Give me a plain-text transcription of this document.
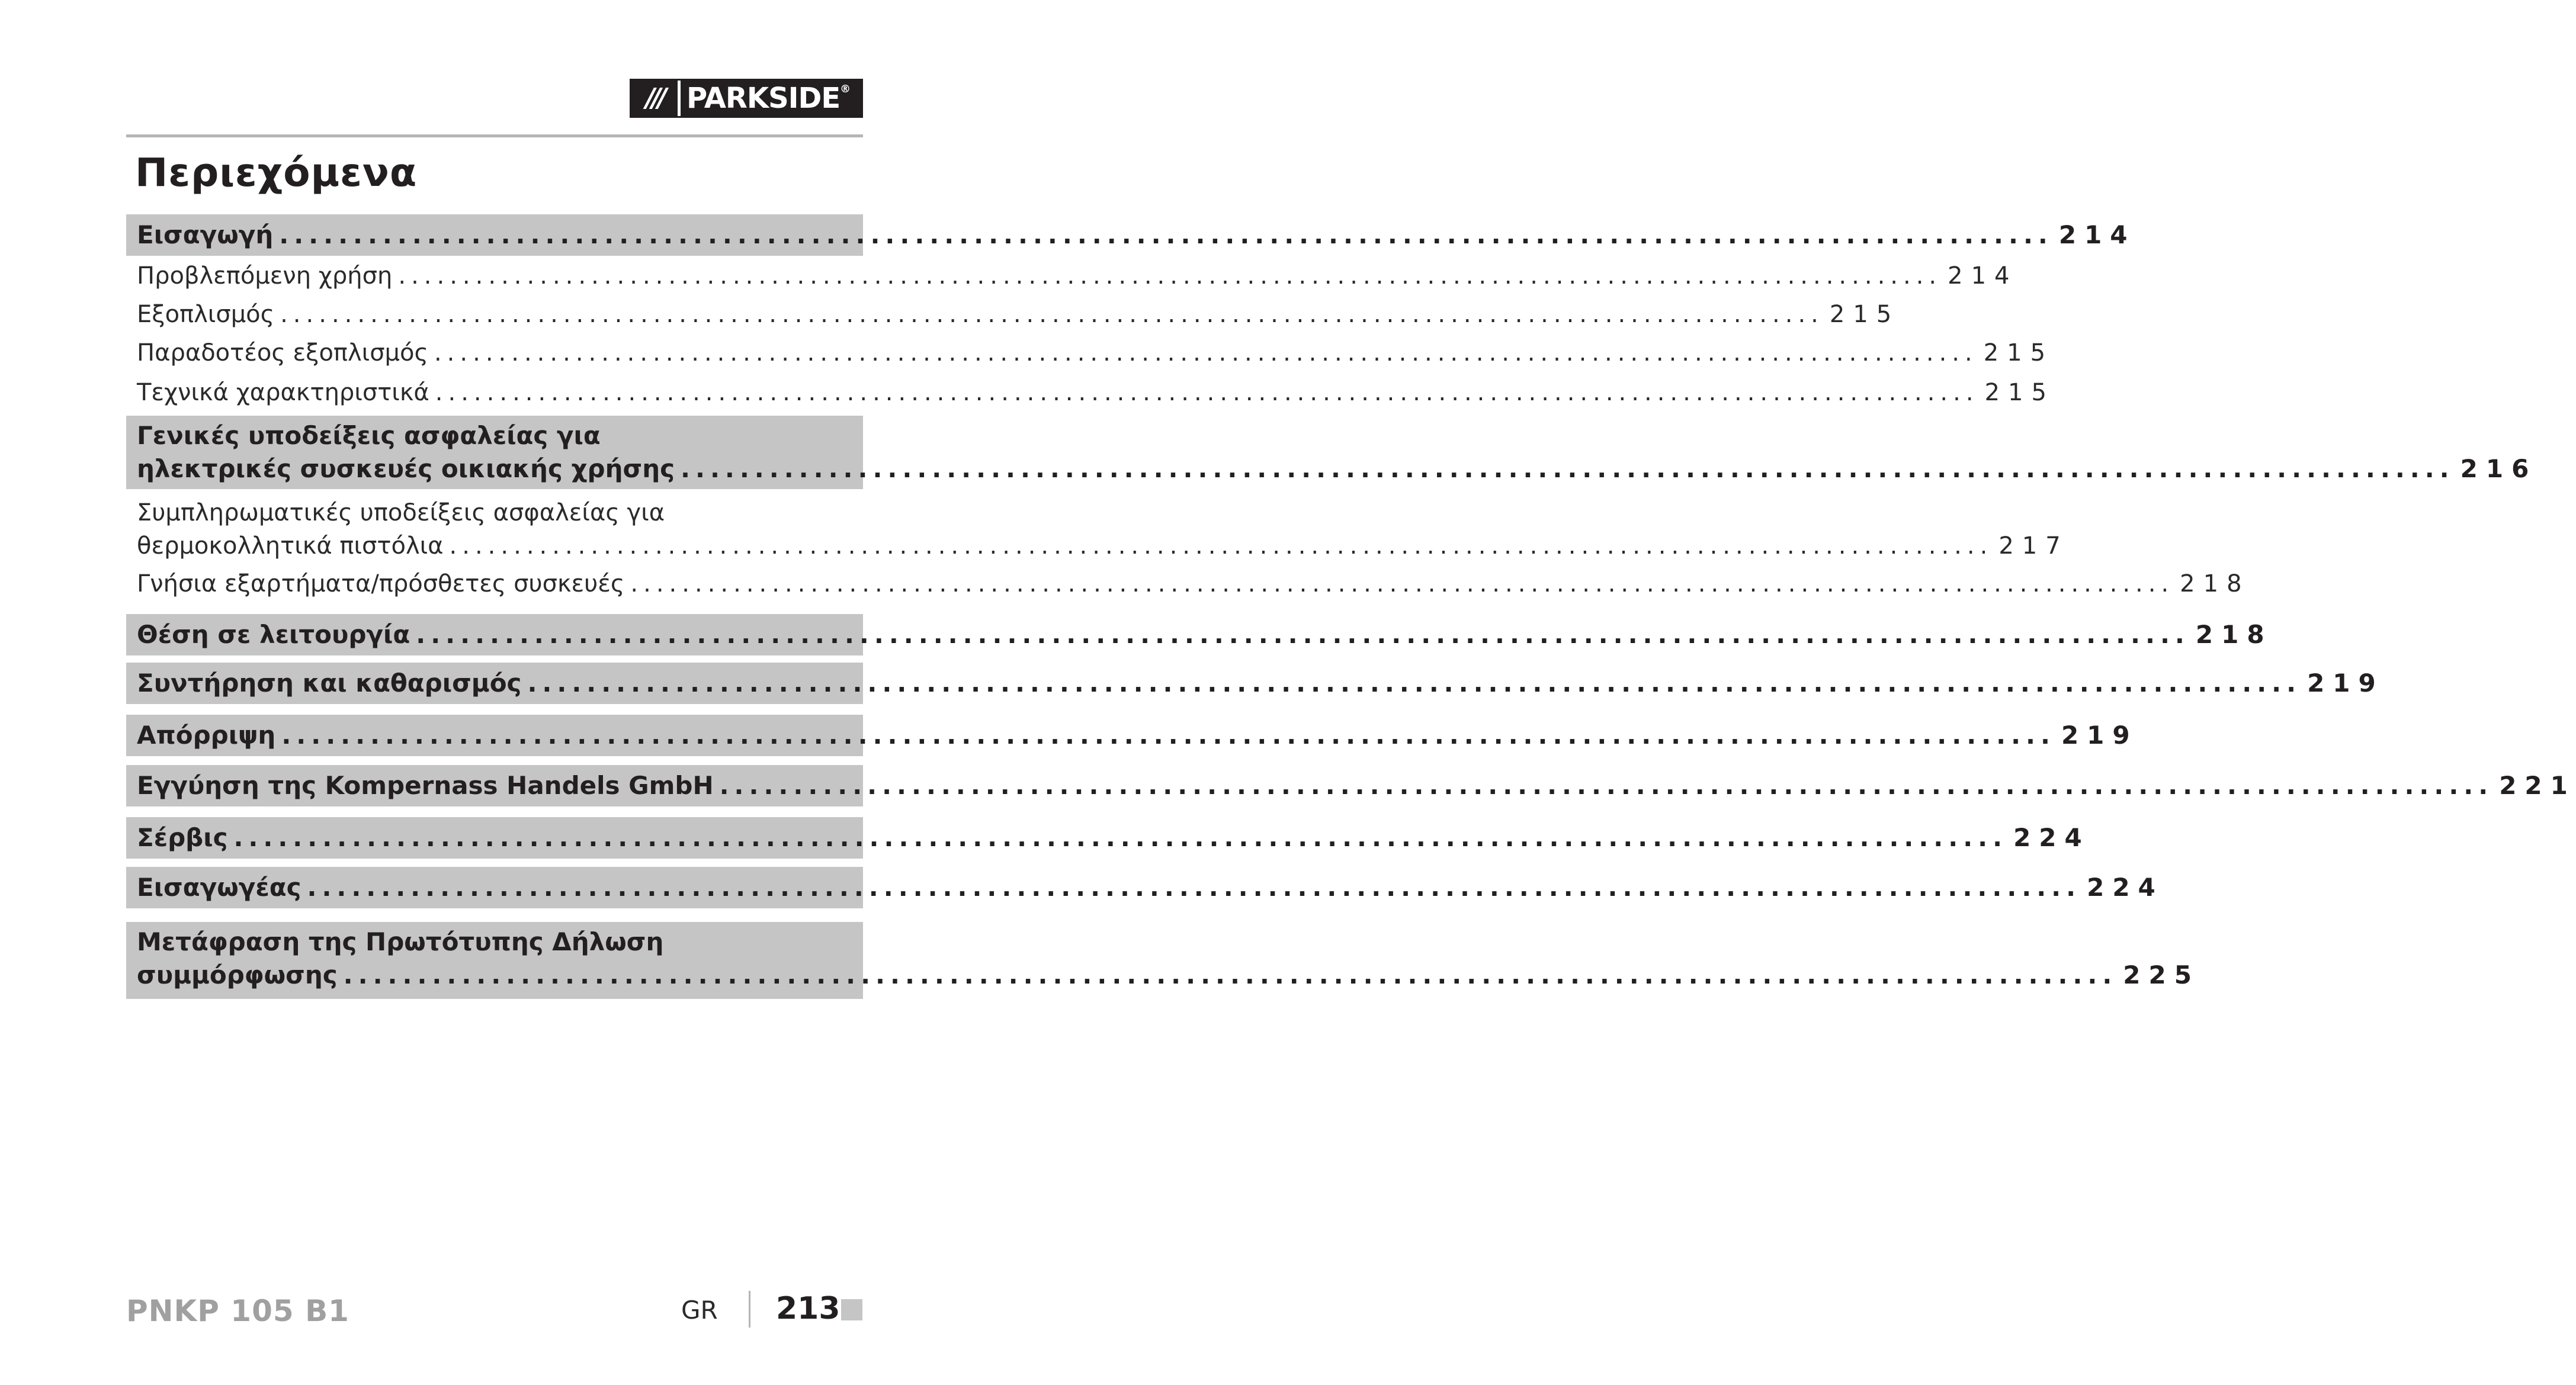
/// PARKSIDE®
Περιεχόμενα
Εισαγωγή ........................................................................................................................ 214
Προβλεπόμενη χρήση ........................................................................................................................ 214
Εξοπλισμός ........................................................................................................................ 215
Παραδοτέος εξοπλισμός ........................................................................................................................ 215
Τεχνικά χαρακτηριστικά ........................................................................................................................ 215
Γενικές υποδείξεις ασφαλείας για
ηλεκτρικές συσκευές οικιακής χρήσης ........................................................................................................................ 216
Συμπληρωματικές υποδείξεις ασφαλείας για
θερμοκολλητικά πιστόλια ........................................................................................................................ 217
Γνήσια εξαρτήματα/πρόσθετες συσκευές ........................................................................................................................ 218
Θέση σε λειτουργία ........................................................................................................................ 218
Συντήρηση και καθαρισμός ........................................................................................................................ 219
Απόρριψη ........................................................................................................................ 219
Εγγύηση της Kompernass Handels GmbH ........................................................................................................................ 221
Σέρβις ........................................................................................................................ 224
Εισαγωγέας ........................................................................................................................ 224
Μετάφραση της Πρωτότυπης Δήλωση
συμμόρφωσης ........................................................................................................................ 225
PNKP 105 B1	GR 213
